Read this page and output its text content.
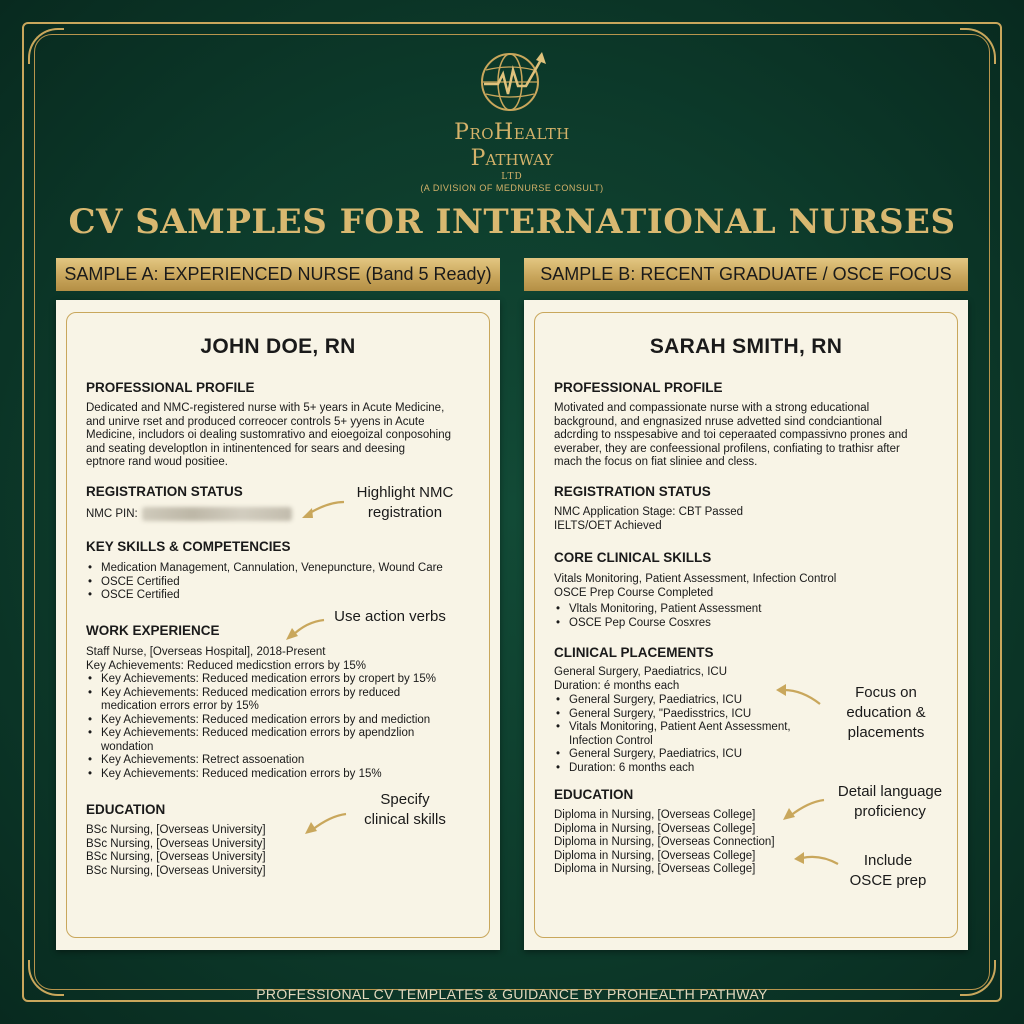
ProHealth
Pathway
LTD
(A DIVISION OF MEDNURSE CONSULT)
CV SAMPLES FOR INTERNATIONAL NURSES
SAMPLE A: EXPERIENCED NURSE (Band 5 Ready)	SAMPLE B: RECENT GRADUATE / OSCE FOCUS
JOHN DOE, RN
PROFESSIONAL PROFILE
Dedicated and NMC-registered nurse with 5+ years in Acute Medicine,
and unirve rset and produced correocer controls 5+ yyens in Acute
Medicine, includors oi dealing sustomrativo and eioegoizal conposohing
and seating developtlon in intinentenced for sears and deesing
eptnore rand woud positiee.
REGISTRATION STATUS
NMC PIN:
KEY SKILLS & COMPETENCIES
• Medication Management, Cannulation, Venepuncture, Wound Care
• OSCE Certified
• OSCE Certified
WORK EXPERIENCE
Staff Nurse, [Overseas Hospital], 2018-Present
Key Achievements: Reduced medicstion errors by 15%
• Key Achievements: Reduced medication errors by cropert by 15%
• Key Achievements: Reduced medication errors by reduced medication errors error by 15%
• Key Achievements: Reduced medication errors by and mediction
• Key Achievements: Reduced medication errors by apendzlion wondation
• Key Achievements: Retrect assoenation
• Key Achievements: Reduced medication errors by 15%
EDUCATION
BSc Nursing, [Overseas University]
BSc Nursing, [Overseas University]
BSc Nursing, [Overseas University]
BSc Nursing, [Overseas University]
Highlight NMC
registration
Use action verbs
Specify
clinical skills
SARAH SMITH, RN
PROFESSIONAL PROFILE
Motivated and compassionate nurse with a strong educational
background, and engnasized nruse advetted sind condciantional
adcrding to nsspesabive and toi ceperaated compassivno prones and
everaber, they are confeessional profilens, confiating to trathisr after
mach the focus on fiat sliniee and cless.
REGISTRATION STATUS
NMC Application Stage: CBT Passed
IELTS/OET Achieved
CORE CLINICAL SKILLS
Vitals Monitoring, Patient Assessment, Infection Control
OSCE Prep Course Completed
• Vltals Monitoring, Patient Assessment
• OSCE Pep Course Cosxres
CLINICAL PLACEMENTS
General Surgery, Paediatrics, ICU
Duration: é months each
• General Surgery, Paediatrics, ICU
• General Surgery, "Paedisstrics, ICU
• Vitals Monitoring, Patient Aent Assessment, Infection Control
• General Surgery, Paediatrics, ICU
• Duration: 6 months each
EDUCATION
Diploma in Nursing, [Overseas College]
Diploma in Nursing, [Overseas College]
Diploma in Nursing, [Overseas Connection]
Diploma in Nursing, [Overseas College]
Diploma in Nursing, [Overseas College]
Focus on
education &
placements
Detail language
proficiency
Include
OSCE prep
PROFESSIONAL CV TEMPLATES & GUIDANCE BY PROHEALTH PATHWAY
